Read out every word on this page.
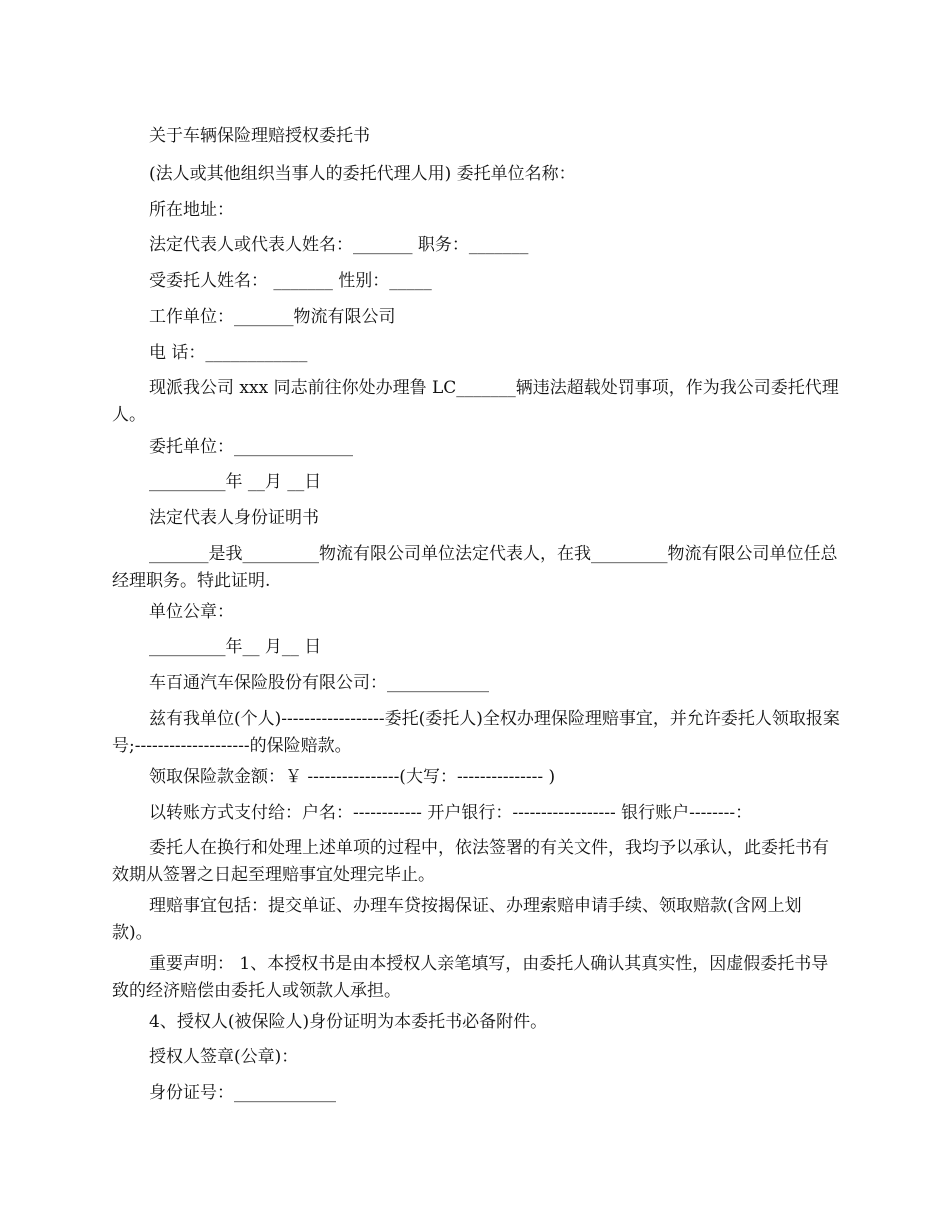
关于车辆保险理赔授权委托书

(法人或其他组织当事人的委托代理人用) 委托单位名称：

所在地址：

法定代表人或代表人姓名：_______ 职务：_______

受委托人姓名： _______ 性别：_____

工作单位：_______物流有限公司

电 话：____________

现派我公司 xxx 同志前往你处办理鲁 LC_______辆违法超载处罚事项，作为我公司委托代理人。

委托单位：______________

_________年 __月 __日

法定代表人身份证明书

_______是我_________物流有限公司单位法定代表人，在我_________物流有限公司单位任总经理职务。特此证明.

单位公章：

_________年__ 月__ 日

车百通汽车保险股份有限公司：____________

兹有我单位(个人)------------------委托(委托人)全权办理保险理赔事宜，并允许委托人领取报案号;--------------------的保险赔款。

领取保险款金额：￥ ----------------(大写：--------------- )

以转账方式支付给：户名：------------ 开户银行：------------------ 银行账户--------：

委托人在换行和处理上述单项的过程中，依法签署的有关文件，我均予以承认，此委托书有效期从签署之日起至理赔事宜处理完毕止。

理赔事宜包括：提交单证、办理车贷按揭保证、办理索赔申请手续、领取赔款(含网上划款)。

重要声明： 1、本授权书是由本授权人亲笔填写，由委托人确认其真实性，因虚假委托书导致的经济赔偿由委托人或领款人承担。

4、授权人(被保险人)身份证明为本委托书必备附件。

授权人签章(公章)：

身份证号：____________
